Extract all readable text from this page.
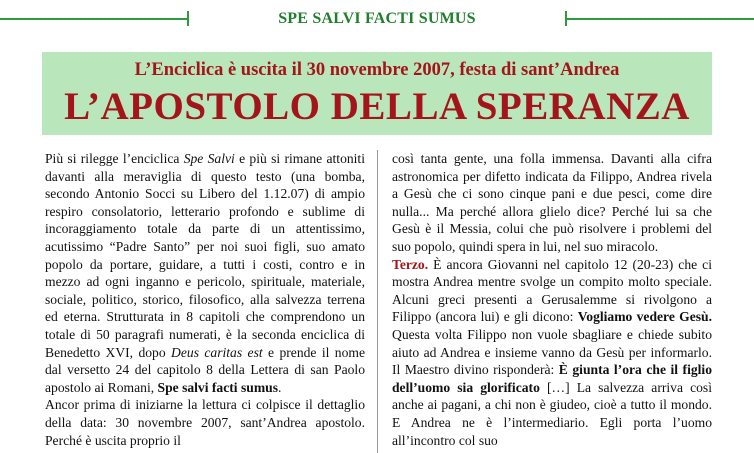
SPE SALVI FACTI SUMUS
L’Enciclica è uscita il 30 novembre 2007, festa di sant’Andrea
L’APOSTOLO DELLA SPERANZA

Più si rilegge l’enciclica Spe Salvi e più si rimane attoniti davanti alla meraviglia di questo testo (una bomba, secondo Antonio Socci su Libero del 1.12.07) di ampio respiro consolatorio, letterario profondo e sublime di incoraggiamento totale da parte di un attentissimo, acutissimo “Padre Santo” per noi suoi figli, suo amato popolo da portare, guidare, a tutti i costi, contro e in mezzo ad ogni inganno e pericolo, spirituale, materiale, sociale, politico, storico, filosofico, alla salvezza terrena ed eterna. Strutturata in 8 capitoli che comprendono un totale di 50 paragrafi numerati, è la seconda enciclica di Benedetto XVI, dopo Deus caritas est e prende il nome dal versetto 24 del capitolo 8 della Lettera di san Paolo apostolo ai Romani, Spe salvi facti sumus.

Ancor prima di iniziarne la lettura ci colpisce il dettaglio della data: 30 novembre 2007, sant’Andrea apostolo. Perché è uscita proprio il

così tanta gente, una folla immensa. Davanti alla cifra astronomica per difetto indicata da Filippo, Andrea rivela a Gesù che ci sono cinque pani e due pesci, come dire nulla... Ma perché allora glielo dice? Perché lui sa che Gesù è il Messia, colui che può risolvere i problemi del suo popolo, quindi spera in lui, nel suo miracolo.

Terzo. È ancora Giovanni nel capitolo 12 (20-23) che ci mostra Andrea mentre svolge un compito molto speciale. Alcuni greci presenti a Gerusalemme si rivolgono a Filippo (ancora lui) e gli dicono: Vogliamo vedere Gesù. Questa volta Filippo non vuole sbagliare e chiede subito aiuto ad Andrea e insieme vanno da Gesù per informarlo. Il Maestro divino risponderà: È giunta l’ora che il figlio dell’uomo sia glorificato […] La salvezza arriva così anche ai pagani, a chi non è giudeo, cioè a tutto il mondo. E Andrea ne è l’intermediario. Egli porta l’uomo all’incontro col suo
